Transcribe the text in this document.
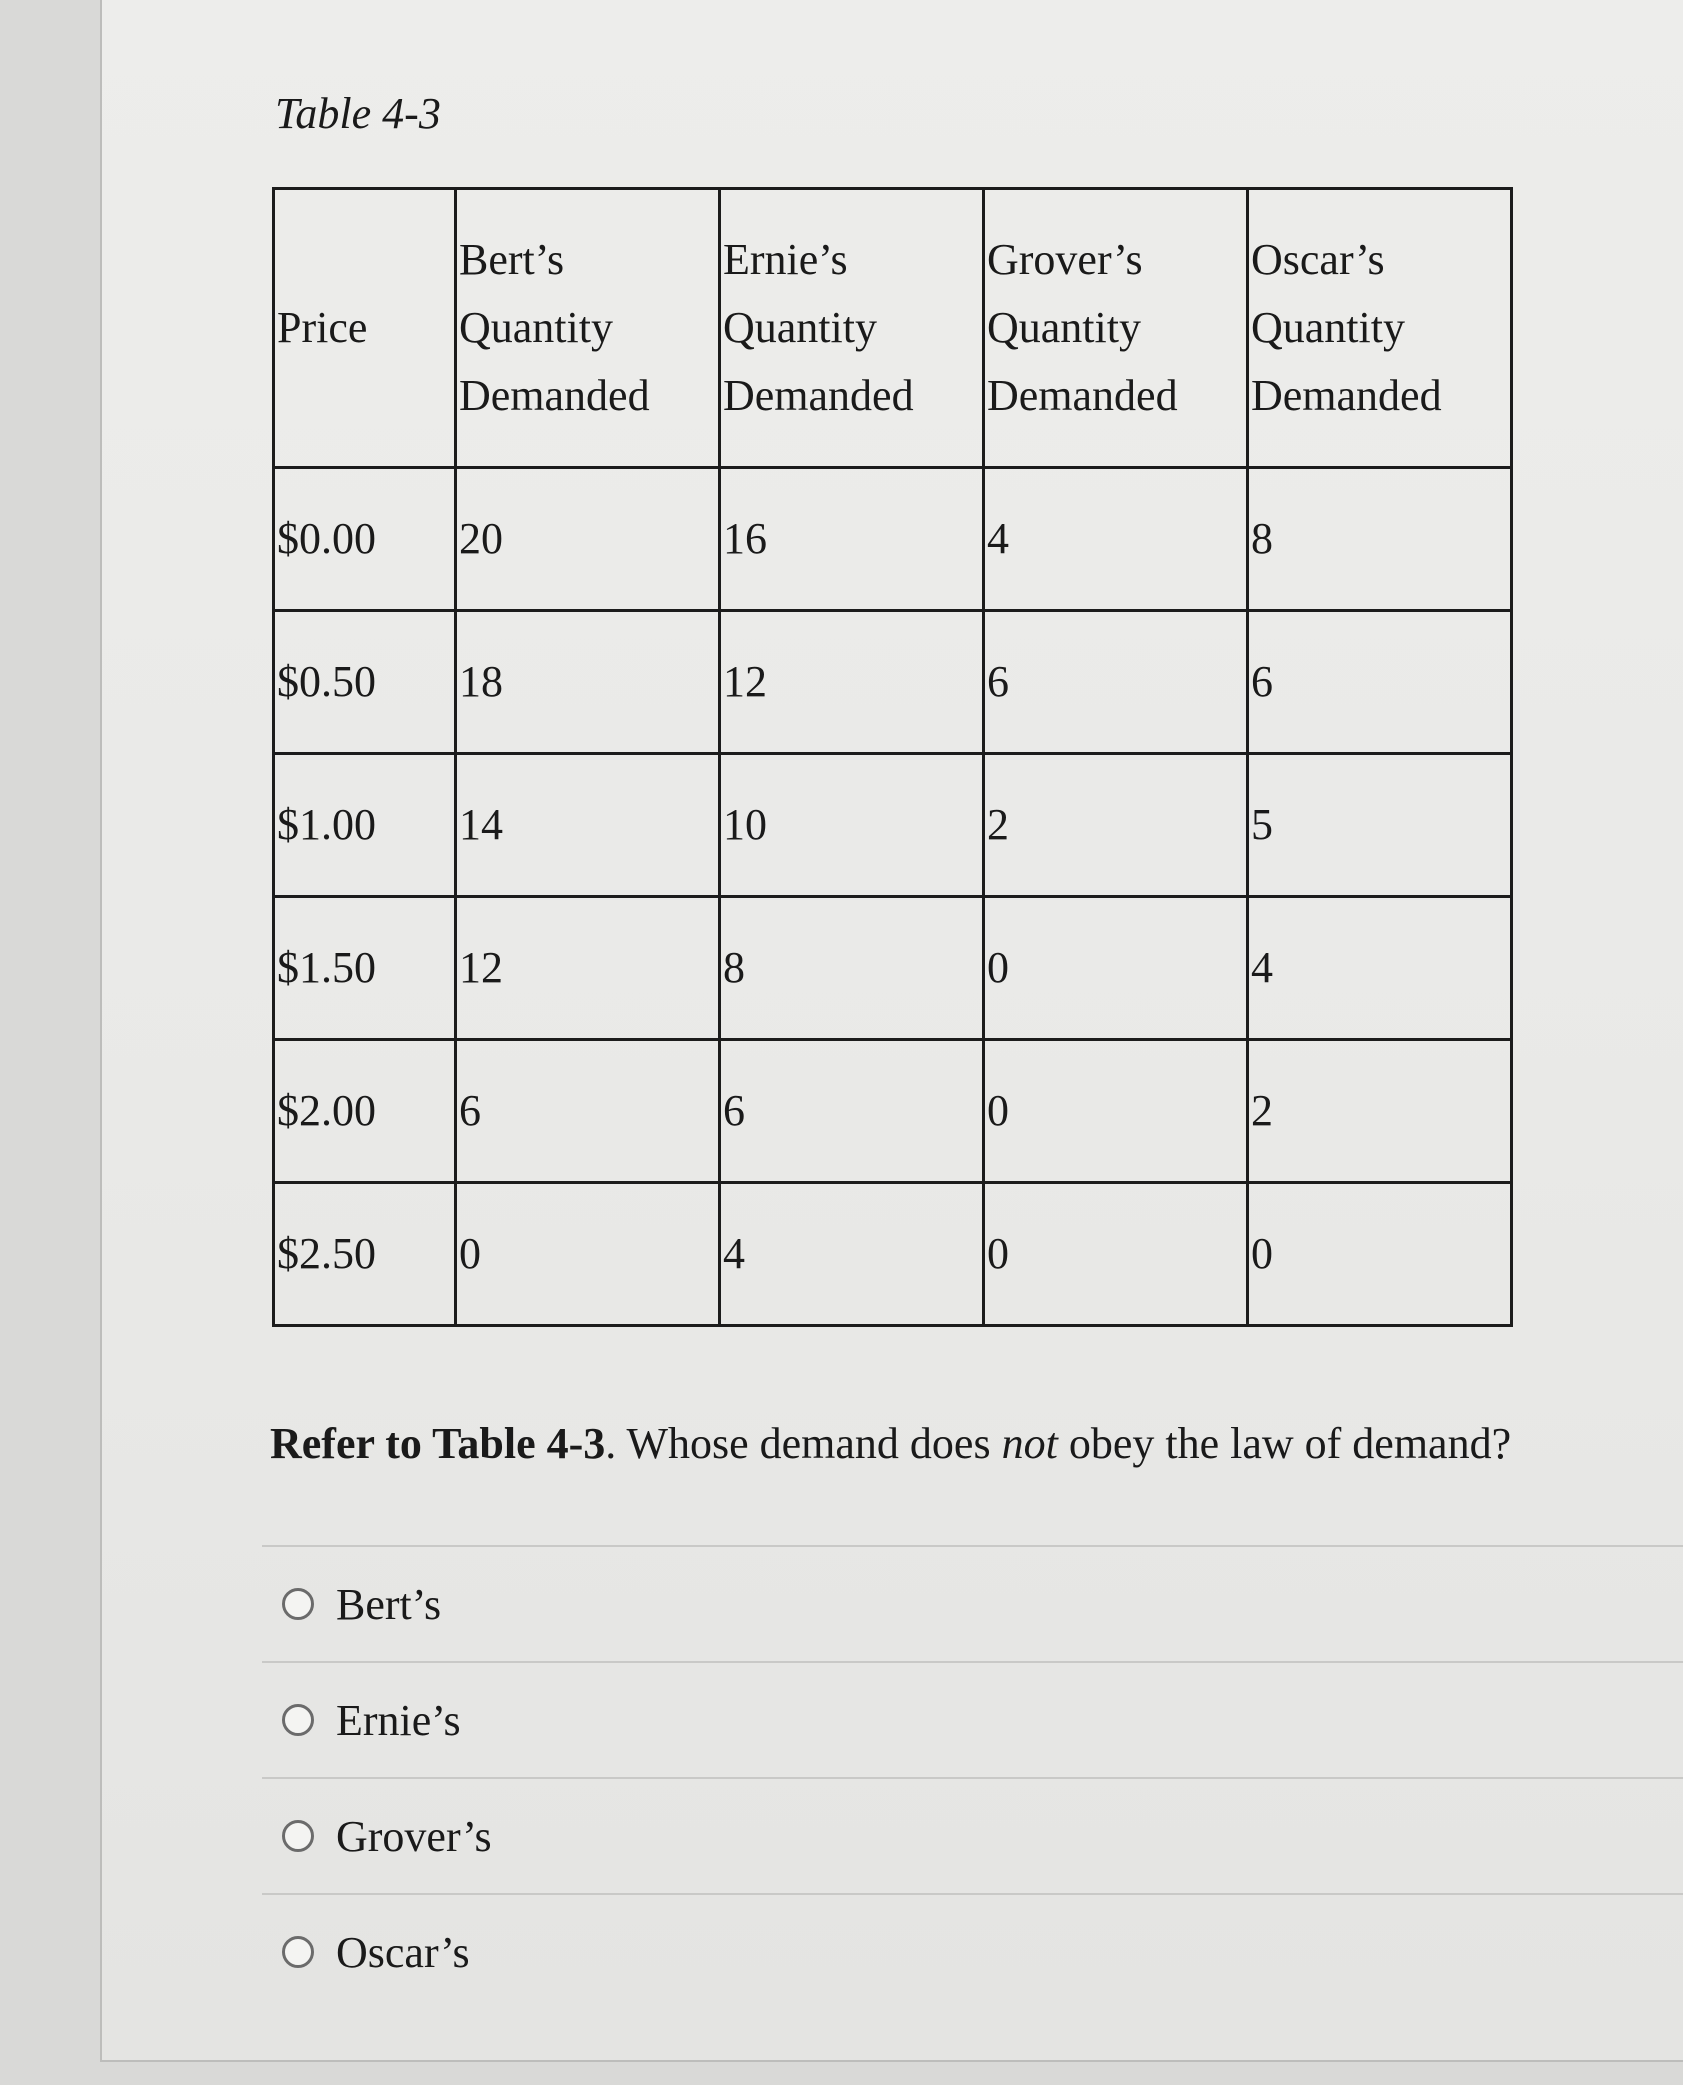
Table 4-3
Price	Bert’s
Quantity
Demanded	Ernie’s
Quantity
Demanded	Grover’s
Quantity
Demanded	Oscar’s
Quantity
Demanded
$0.00	20	16	4	8
$0.50	18	12	6	6
$1.00	14	10	2	5
$1.50	12	8	0	4
$2.00	6	6	0	2
$2.50	0	4	0	0

Refer to Table 4-3. Whose demand does not obey the law of demand?

Bert’s
Ernie’s
Grover’s
Oscar’s
